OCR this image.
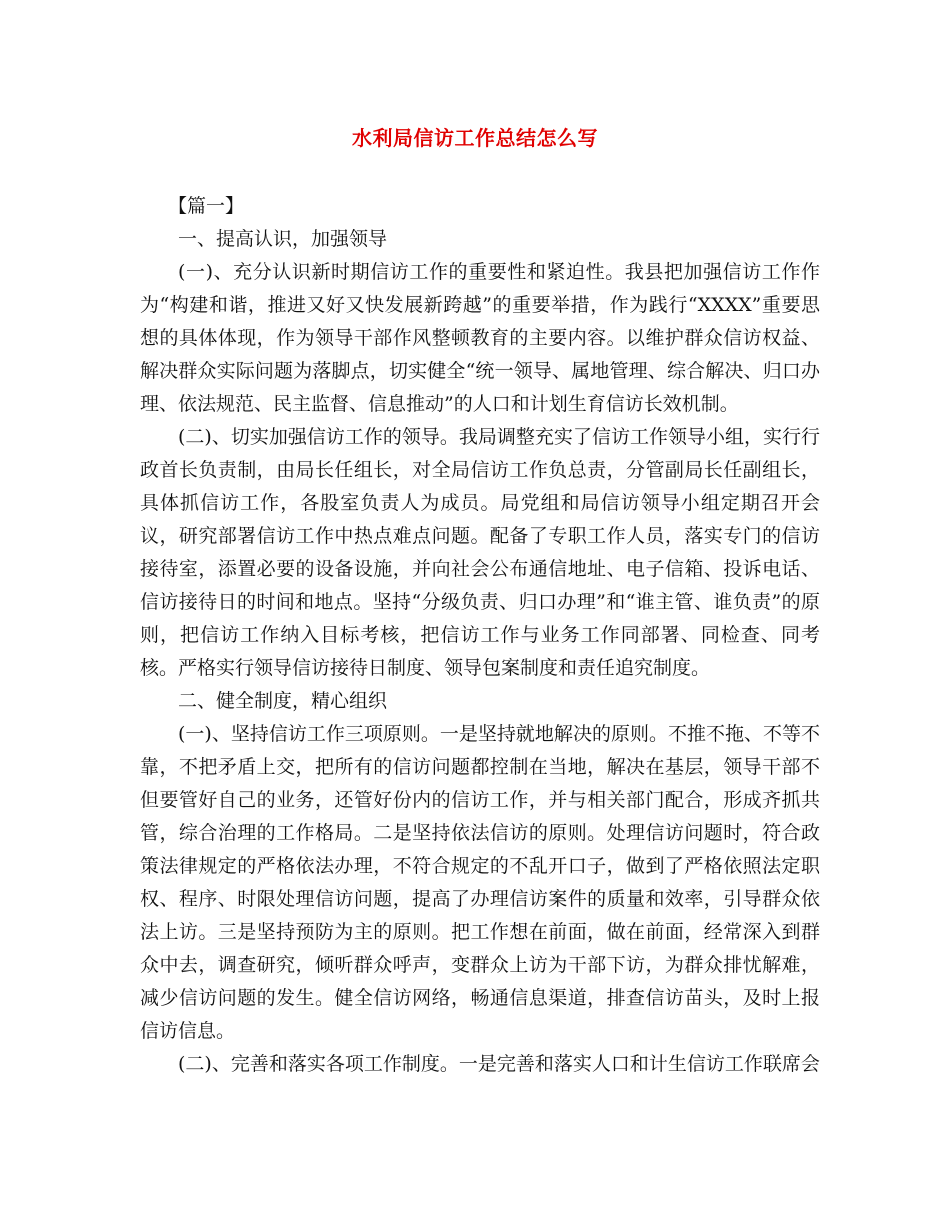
水利局信访工作总结怎么写

【篇一】

一、提高认识，加强领导

(一)、充分认识新时期信访工作的重要性和紧迫性。我县把加强信访工作作为“构建和谐，推进又好又快发展新跨越”的重要举措，作为践行“XXXX”重要思想的具体体现，作为领导干部作风整顿教育的主要内容。以维护群众信访权益、解决群众实际问题为落脚点，切实健全“统一领导、属地管理、综合解决、归口办理、依法规范、民主监督、信息推动”的人口和计划生育信访长效机制。

(二)、切实加强信访工作的领导。我局调整充实了信访工作领导小组，实行行政首长负责制，由局长任组长，对全局信访工作负总责，分管副局长任副组长，具体抓信访工作，各股室负责人为成员。局党组和局信访领导小组定期召开会议，研究部署信访工作中热点难点问题。配备了专职工作人员，落实专门的信访接待室，添置必要的设备设施，并向社会公布通信地址、电子信箱、投诉电话、信访接待日的时间和地点。坚持“分级负责、归口办理”和“谁主管、谁负责”的原则，把信访工作纳入目标考核，把信访工作与业务工作同部署、同检查、同考核。严格实行领导信访接待日制度、领导包案制度和责任追究制度。

二、健全制度，精心组织

(一)、坚持信访工作三项原则。一是坚持就地解决的原则。不推不拖、不等不靠，不把矛盾上交，把所有的信访问题都控制在当地，解决在基层，领导干部不但要管好自己的业务，还管好份内的信访工作，并与相关部门配合，形成齐抓共管，综合治理的工作格局。二是坚持依法信访的原则。处理信访问题时，符合政策法律规定的严格依法办理，不符合规定的不乱开口子，做到了严格依照法定职权、程序、时限处理信访问题，提高了办理信访案件的质量和效率，引导群众依法上访。三是坚持预防为主的原则。把工作想在前面，做在前面，经常深入到群众中去，调查研究，倾听群众呼声，变群众上访为干部下访，为群众排忧解难，减少信访问题的发生。健全信访网络，畅通信息渠道，排查信访苗头，及时上报信访信息。

(二)、完善和落实各项工作制度。一是完善和落实人口和计生信访工作联席会
